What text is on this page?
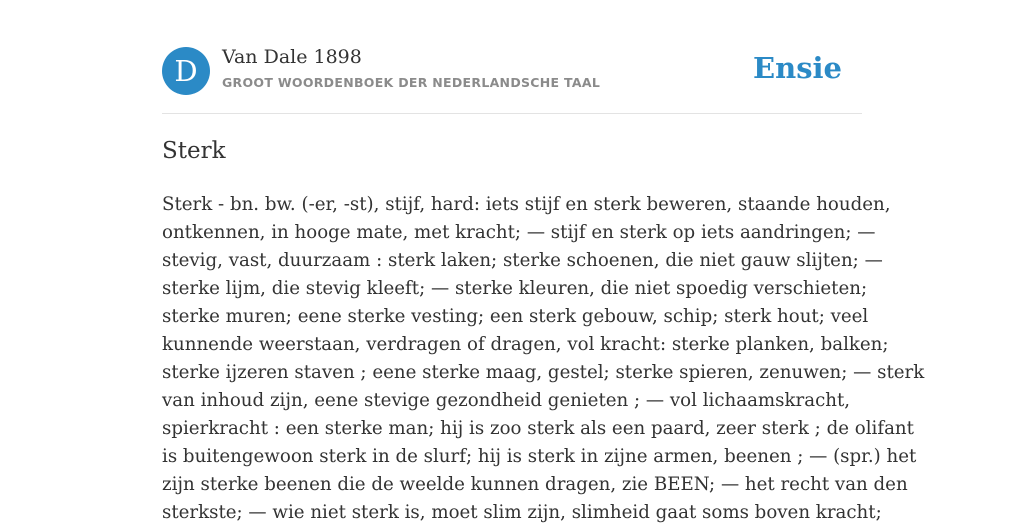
D	Van Dale 1898
GROOT WOORDENBOEK DER NEDERLANDSCHE TAAL	Ensie
Sterk
Sterk - bn. bw. (-er, -st), stijf, hard: iets stijf en sterk beweren, staande houden,
ontkennen, in hooge mate, met kracht; — stijf en sterk op iets aandringen; —
stevig, vast, duurzaam : sterk laken; sterke schoenen, die niet gauw slijten; —
sterke lijm, die stevig kleeft; — sterke kleuren, die niet spoedig verschieten;
sterke muren; eene sterke vesting; een sterk gebouw, schip; sterk hout; veel
kunnende weerstaan, verdragen of dragen, vol kracht: sterke planken, balken;
sterke ijzeren staven ; eene sterke maag, gestel; sterke spieren, zenuwen; — sterk
van inhoud zijn, eene stevige gezondheid genieten ; — vol lichaamskracht,
spierkracht : een sterke man; hij is zoo sterk als een paard, zeer sterk ; de olifant
is buitengewoon sterk in de slurf; hij is sterk in zijne armen, beenen ; — (spr.) het
zijn sterke beenen die de weelde kunnen dragen, zie BEEN; — het recht van den
sterkste; — wie niet sterk is, moet slim zijn, slimheid gaat soms boven kracht;
